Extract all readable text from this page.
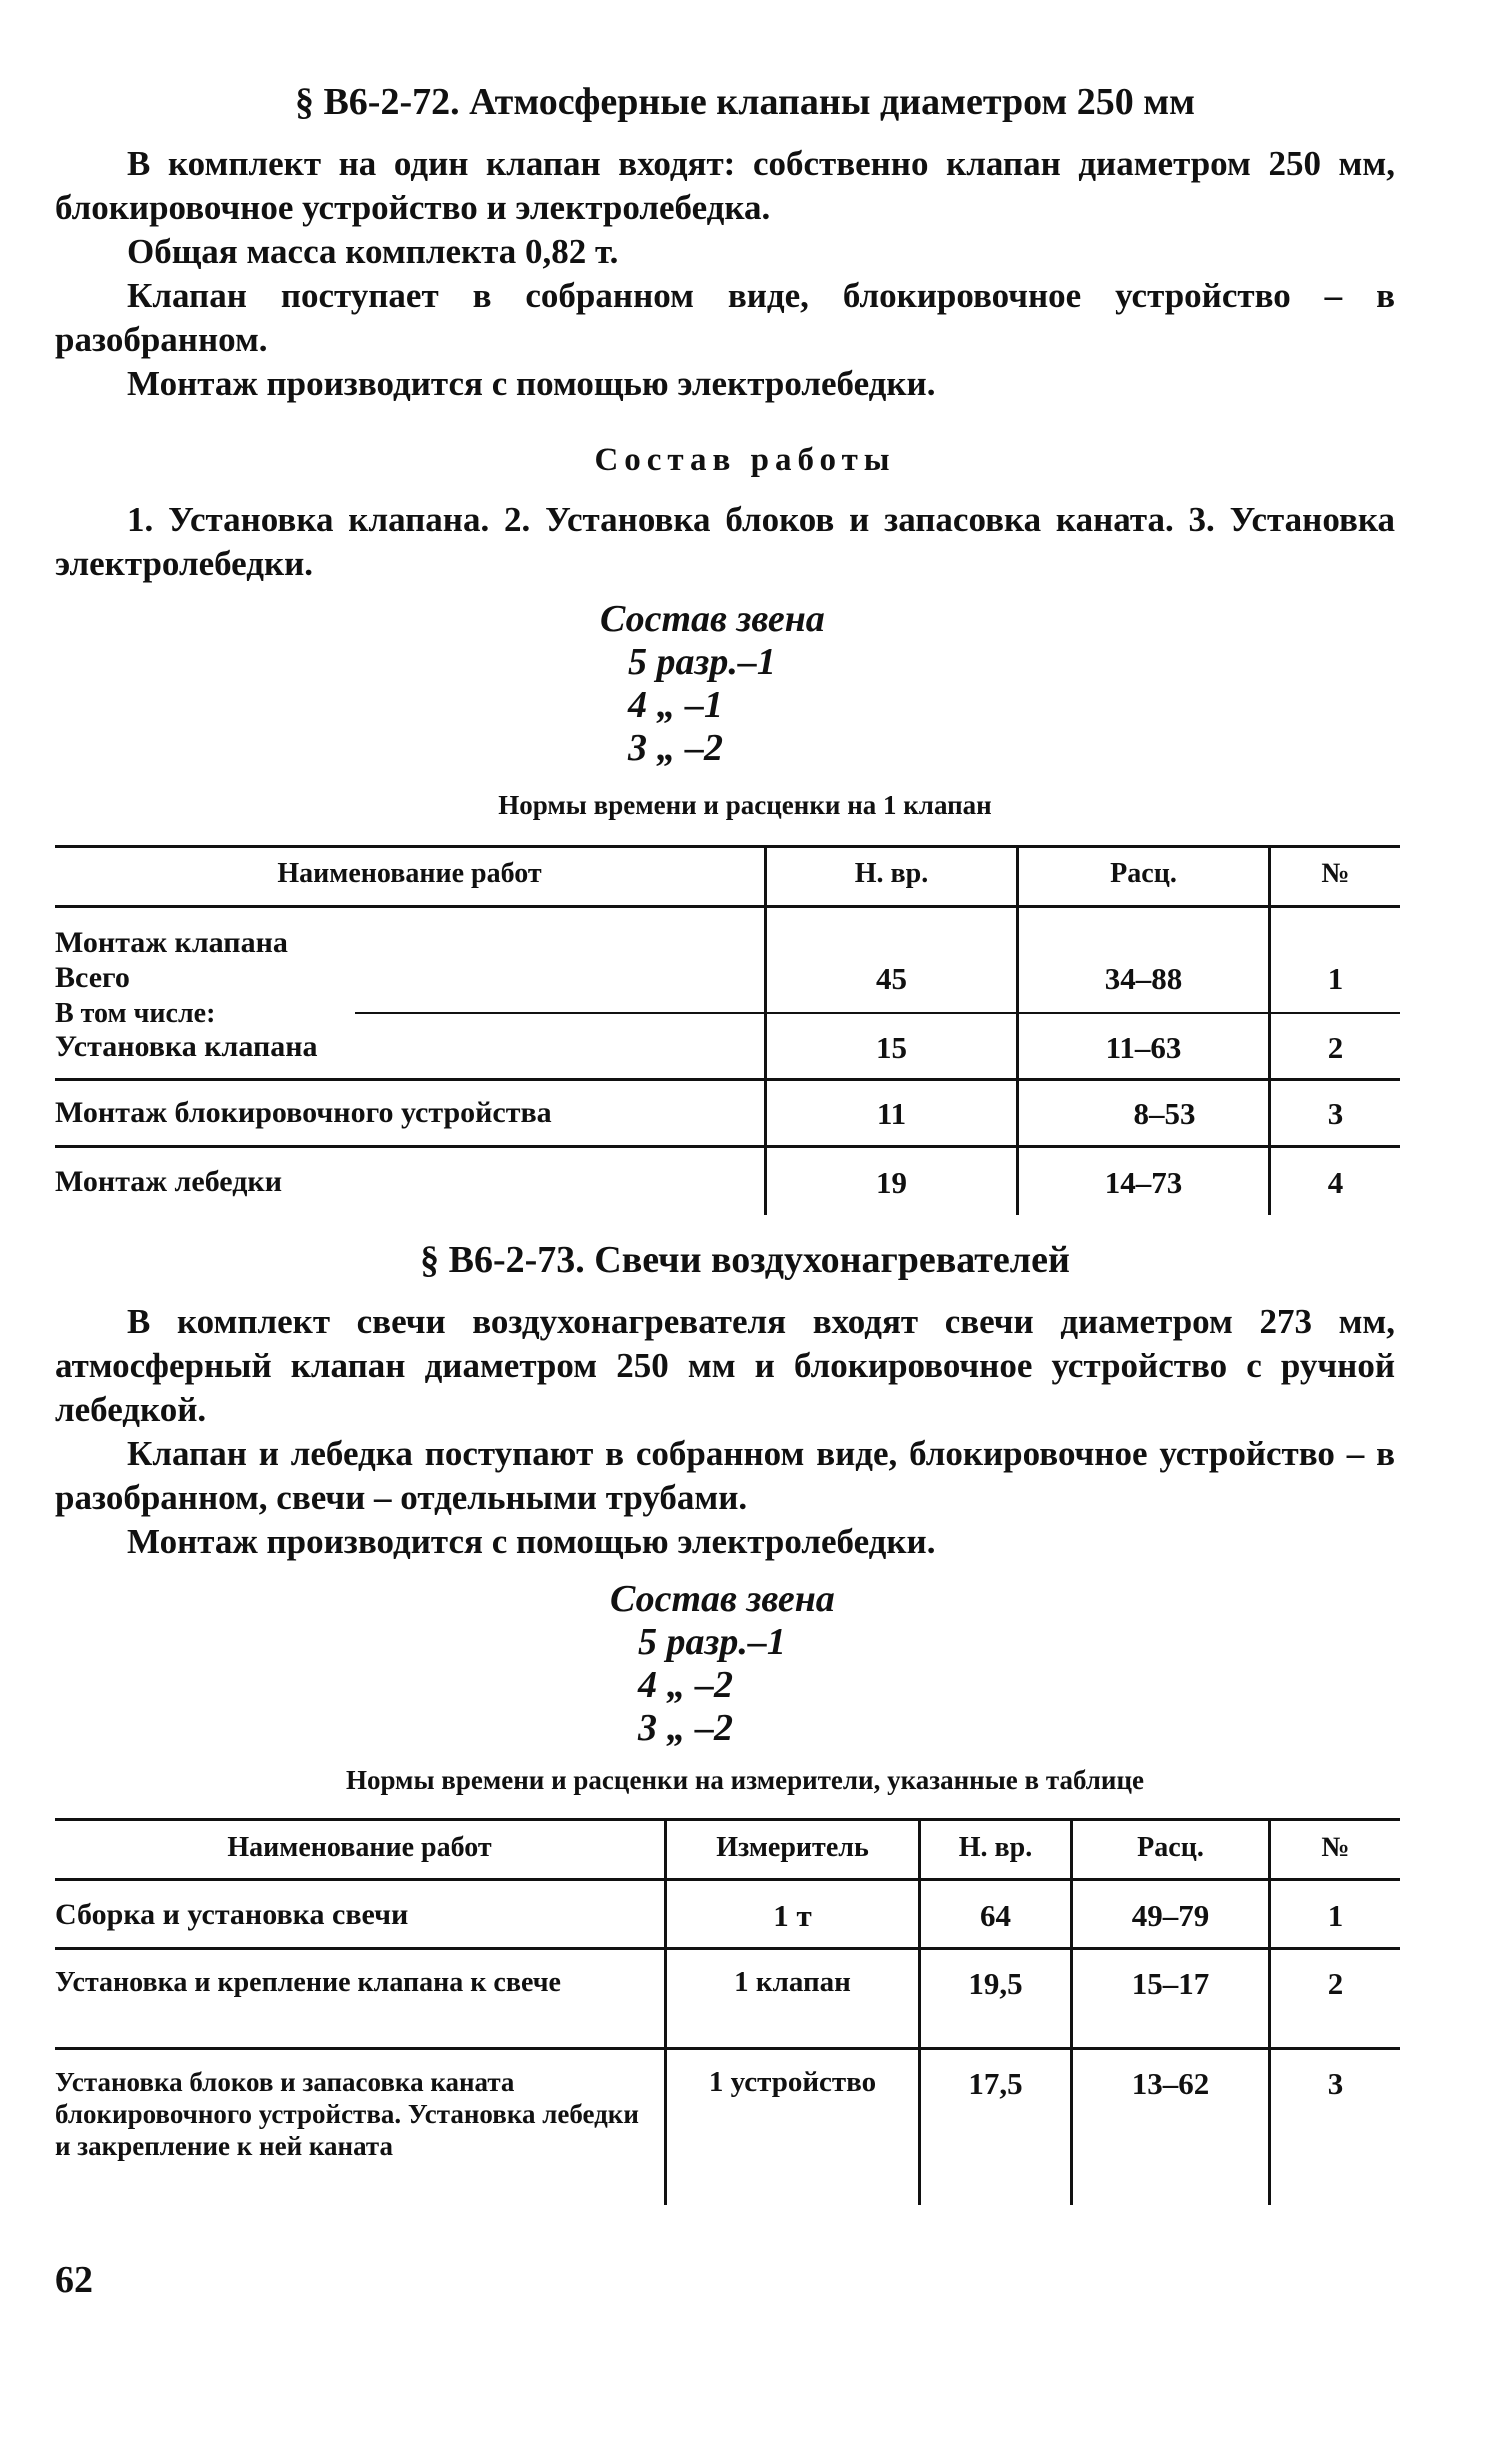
§ В6-2-72. Атмосферные клапаны диаметром 250 мм
В комплект на один клапан входят: собственно клапан диаметром 250 мм, блокировочное устройство и электролебедка.
Общая масса комплекта 0,82 т.
Клапан поступает в собранном виде, блокировочное устройство – в разобранном.
Монтаж производится с помощью электролебедки.
Состав работы
1. Установка клапана. 2. Установка блоков и запасовка каната. 3. Установка электролебедки.
Состав звена
5 разр.–1
4 „ –1
3 „ –2
Нормы времени и расценки на 1 клапан
Наименование работ	Н. вр.	Расц.	№
Монтаж клапана
Всего
В том числе:
45	34–88	1
Установка клапана	15	11–63	2
Монтаж блокировочного устройства	11	8–53	3
Монтаж лебедки	19	14–73	4
§ В6-2-73. Свечи воздухонагревателей
В комплект свечи воздухонагревателя входят свечи диаметром 273 мм, атмосферный клапан диаметром 250 мм и блокировочное устройство с ручной лебедкой.
Клапан и лебедка поступают в собранном виде, блокировочное устройство – в разобранном, свечи – отдельными трубами.
Монтаж производится с помощью электролебедки.
Состав звена
5 разр.–1
4 „ –2
3 „ –2
Нормы времени и расценки на измерители, указанные в таблице
Наименование работ	Измеритель	Н. вр.	Расц.	№
Сборка и установка свечи	1 т	64	49–79	1
Установка и крепление клапана к свече	1 клапан	19,5	15–17	2
Установка блоков и запасовка каната блокировочного устройства. Установка лебедки и закрепление к ней каната
1 устройство	17,5	13–62	3
62
